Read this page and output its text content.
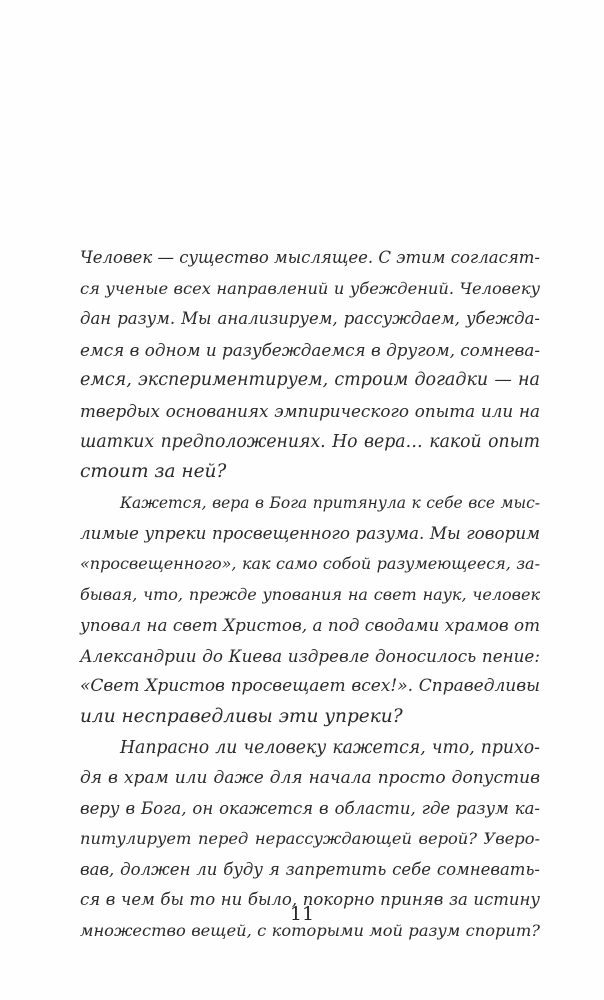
Человек — существо мыслящее. С этим согласят-
ся ученые всех направлений и убеждений. Человеку
дан разум. Мы анализируем, рассуждаем, убежда-
емся в одном и разубеждаемся в другом, сомнева-
емся, экспериментируем, строим догадки — на
твердых основаниях эмпирического опыта или на
шатких предположениях. Но вера… какой опыт
стоит за ней?
Кажется, вера в Бога притянула к себе все мыс-
лимые упреки просвещенного разума. Мы говорим
«просвещенного», как само собой разумеющееся, за-
бывая, что, прежде упования на свет наук, человек
уповал на свет Христов, а под сводами храмов от
Александрии до Киева издревле доносилось пение:
«Свет Христов просвещает всех!». Справедливы
или несправедливы эти упреки?
Напрасно ли человеку кажется, что, прихо-
дя в храм или даже для начала просто допустив
веру в Бога, он окажется в области, где разум ка-
питулирует перед нерассуждающей верой? Уверо-
вав, должен ли буду я запретить себе сомневать-
ся в чем бы то ни было, покорно приняв за истину
множество вещей, с которыми мой разум спорит?
11
